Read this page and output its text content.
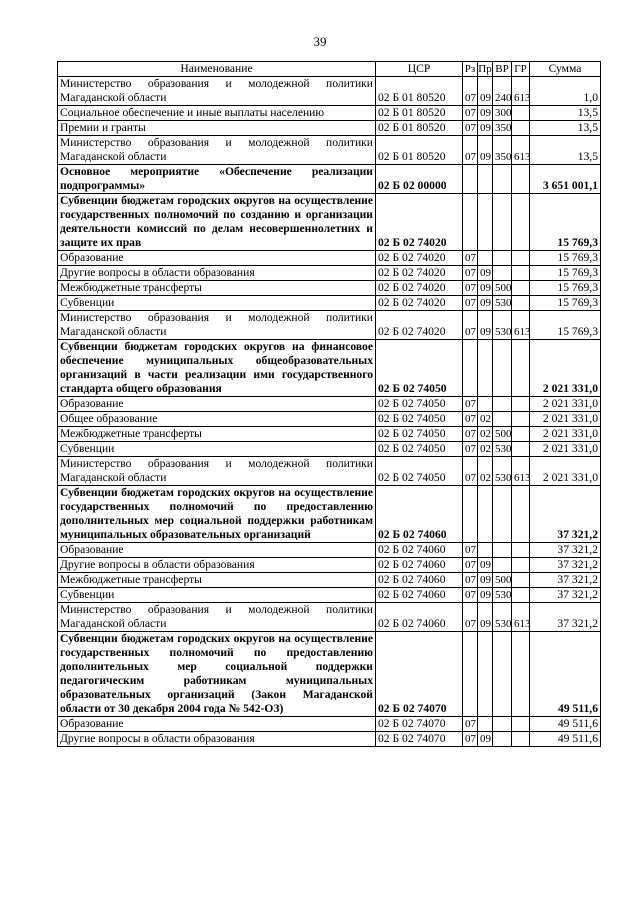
39
Наименование	ЦСР	Рз	Пр	ВР	ГР	Сумма
Министерство образования и молодежной политики Магаданской области	02 Б 01 80520	07	09	240	613	1,0
Социальное обеспечение и иные выплаты населению	02 Б 01 80520	07	09	300		13,5
Премии и гранты	02 Б 01 80520	07	09	350		13,5
Министерство образования и молодежной политики Магаданской области	02 Б 01 80520	07	09	350	613	13,5
Основное мероприятие «Обеспечение реализации подпрограммы»	02 Б 02 00000					3 651 001,1
Субвенции бюджетам городских округов на осуществление государственных полномочий по созданию и организации деятельности комиссий по делам несовершеннолетних и защите их прав	02 Б 02 74020					15 769,3
Образование	02 Б 02 74020	07				15 769,3
Другие вопросы в области образования	02 Б 02 74020	07	09			15 769,3
Межбюджетные трансферты	02 Б 02 74020	07	09	500		15 769,3
Субвенции	02 Б 02 74020	07	09	530		15 769,3
Министерство образования и молодежной политики Магаданской области	02 Б 02 74020	07	09	530	613	15 769,3
Субвенции бюджетам городских округов на финансовое обеспечение муниципальных общеобразовательных организаций в части реализации ими государственного стандарта общего образования	02 Б 02 74050					2 021 331,0
Образование	02 Б 02 74050	07				2 021 331,0
Общее образование	02 Б 02 74050	07	02			2 021 331,0
Межбюджетные трансферты	02 Б 02 74050	07	02	500		2 021 331,0
Субвенции	02 Б 02 74050	07	02	530		2 021 331,0
Министерство образования и молодежной политики Магаданской области	02 Б 02 74050	07	02	530	613	2 021 331,0
Субвенции бюджетам городских округов на осуществление государственных полномочий по предоставлению дополнительных мер социальной поддержки работникам муниципальных образовательных организаций	02 Б 02 74060					37 321,2
Образование	02 Б 02 74060	07				37 321,2
Другие вопросы в области образования	02 Б 02 74060	07	09			37 321,2
Межбюджетные трансферты	02 Б 02 74060	07	09	500		37 321,2
Субвенции	02 Б 02 74060	07	09	530		37 321,2
Министерство образования и молодежной политики Магаданской области	02 Б 02 74060	07	09	530	613	37 321,2
Субвенции бюджетам городских округов на осуществление государственных полномочий по предоставлению дополнительных мер социальной поддержки педагогическим работникам муниципальных образовательных организаций (Закон Магаданской области от 30 декабря 2004 года № 542-ОЗ)	02 Б 02 74070					49 511,6
Образование	02 Б 02 74070	07				49 511,6
Другие вопросы в области образования	02 Б 02 74070	07	09			49 511,6
